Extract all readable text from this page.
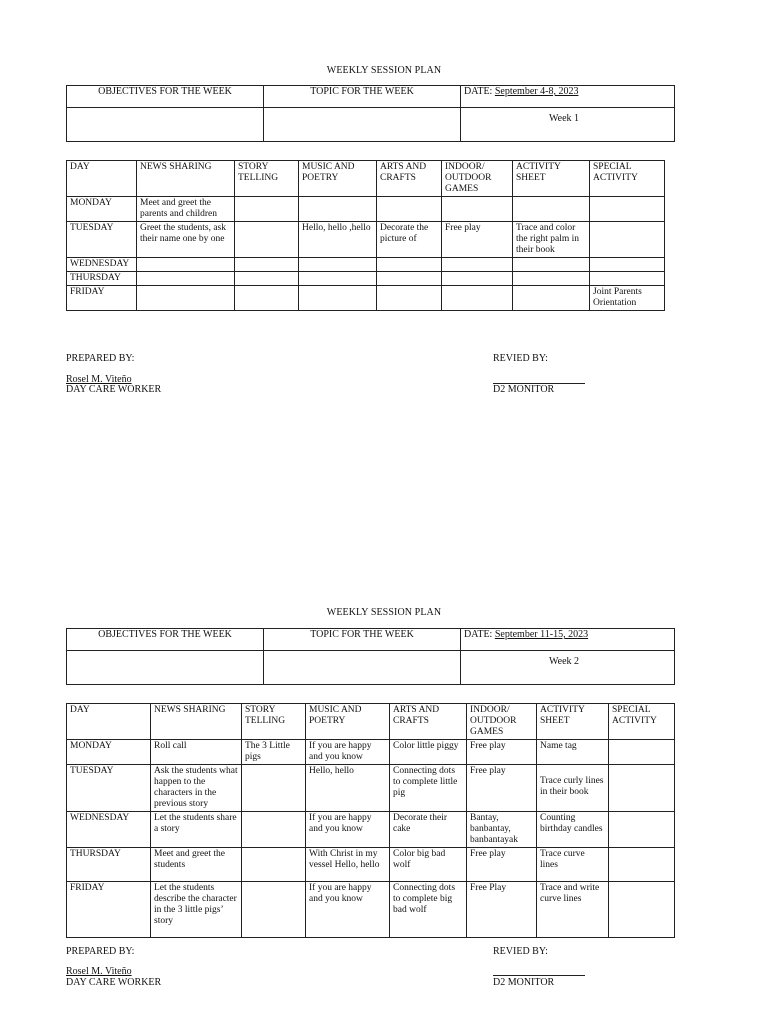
WEEKLY SESSION PLAN
OBJECTIVES FOR THE WEEK	TOPIC FOR THE WEEK	DATE: September 4-8, 2023
		Week 1
DAY	NEWS SHARING	STORY TELLING	MUSIC AND POETRY	ARTS AND CRAFTS	INDOOR/ OUTDOOR GAMES	ACTIVITY SHEET	SPECIAL ACTIVITY
MONDAY	Meet and greet the parents and children						
TUESDAY	Greet the students, ask their name one by one		Hello, hello ,hello	Decorate the picture of	Free play	Trace and color the right palm in their book	
WEDNESDAY							
THURSDAY							
FRIDAY							Joint Parents Orientation
PREPARED BY:
Rosel M. Viteño
DAY CARE WORKER
REVIED BY:
D2 MONITOR
WEEKLY SESSION PLAN
OBJECTIVES FOR THE WEEK	TOPIC FOR THE WEEK	DATE: September 11-15, 2023
		Week 2
DAY	NEWS SHARING	STORY TELLING	MUSIC AND POETRY	ARTS AND CRAFTS	INDOOR/ OUTDOOR GAMES	ACTIVITY SHEET	SPECIAL ACTIVITY
MONDAY	Roll call	The 3 Little pigs	If you are happy and you know	Color little piggy	Free play	Name tag	
TUESDAY	Ask the students what happen to the characters in the previous story		Hello, hello	Connecting dots to complete little pig	Free play	Trace curly lines in their book	
WEDNESDAY	Let the students share a story		If you are happy and you know	Decorate their cake	Bantay, banbantay, banbantayak	Counting birthday candles	
THURSDAY	Meet and greet the students		With Christ in my vessel Hello, hello	Color big bad wolf	Free play	Trace curve lines	
FRIDAY	Let the students describe the character in the 3 little pigs’ story		If you are happy and you know	Connecting dots to complete big bad wolf	Free Play	Trace and write curve lines	
PREPARED BY:
Rosel M. Viteño
DAY CARE WORKER
REVIED BY:
D2 MONITOR
